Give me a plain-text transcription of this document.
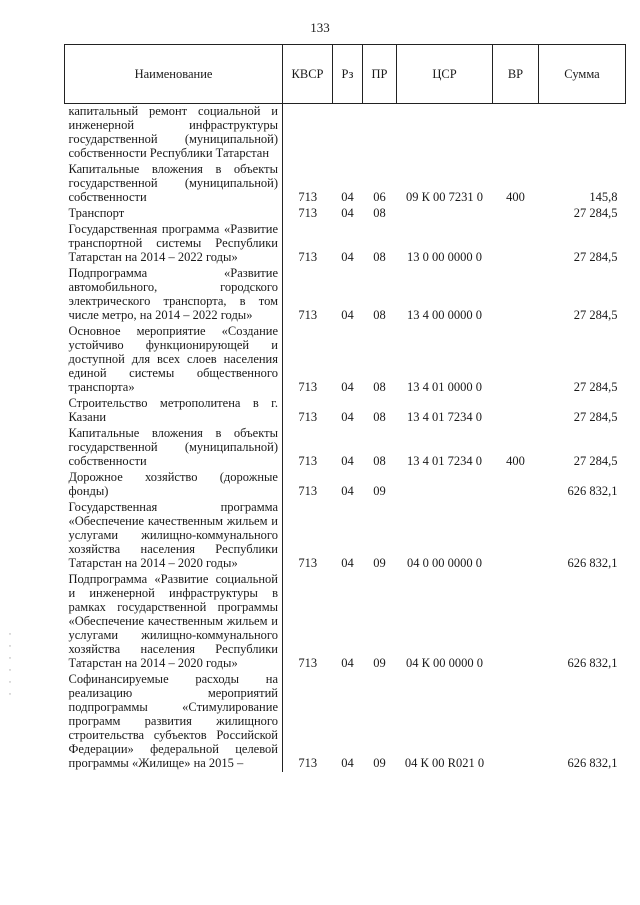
133
Наименование	КВСР	Рз	ПР	ЦСР	ВР	Сумма
капитальный ремонт социальной и инженерной инфраструктуры государственной (муниципальной) собственности Республики Татарстан						
Капитальные вложения в объекты государственной (муниципальной) собственности	713	04	06	09 К 00 7231 0	400	145,8
Транспорт	713	04	08			27 284,5
Государственная программа «Развитие транспортной системы Республики Татарстан на 2014 – 2022 годы»	713	04	08	13 0 00 0000 0		27 284,5
Подпрограмма «Развитие автомобильного, городского электрического транспорта, в том числе метро, на 2014 – 2022 годы»	713	04	08	13 4 00 0000 0		27 284,5
Основное мероприятие «Создание устойчиво функционирующей и доступной для всех слоев населения единой системы общественного транспорта»	713	04	08	13 4 01 0000 0		27 284,5
Строительство метрополитена в г. Казани	713	04	08	13 4 01 7234 0		27 284,5
Капитальные вложения в объекты государственной (муниципальной) собственности	713	04	08	13 4 01 7234 0	400	27 284,5
Дорожное хозяйство (дорожные фонды)	713	04	09			626 832,1
Государственная программа «Обеспечение качественным жильем и услугами жилищно-коммунального хозяйства населения Республики Татарстан на 2014 – 2020 годы»	713	04	09	04 0 00 0000 0		626 832,1
Подпрограмма «Развитие социальной и инженерной инфраструктуры в рамках государственной программы «Обеспечение качественным жильем и услугами жилищно-коммунального хозяйства населения Республики Татарстан на 2014 – 2020 годы»	713	04	09	04 К 00 0000 0		626 832,1
Софинансируемые расходы на реализацию мероприятий подпрограммы «Стимулирование программ развития жилищного строительства субъектов Российской Федерации» федеральной целевой программы «Жилище» на 2015 –	713	04	09	04 К 00 R021 0		626 832,1
·
·
·
·
·
·
